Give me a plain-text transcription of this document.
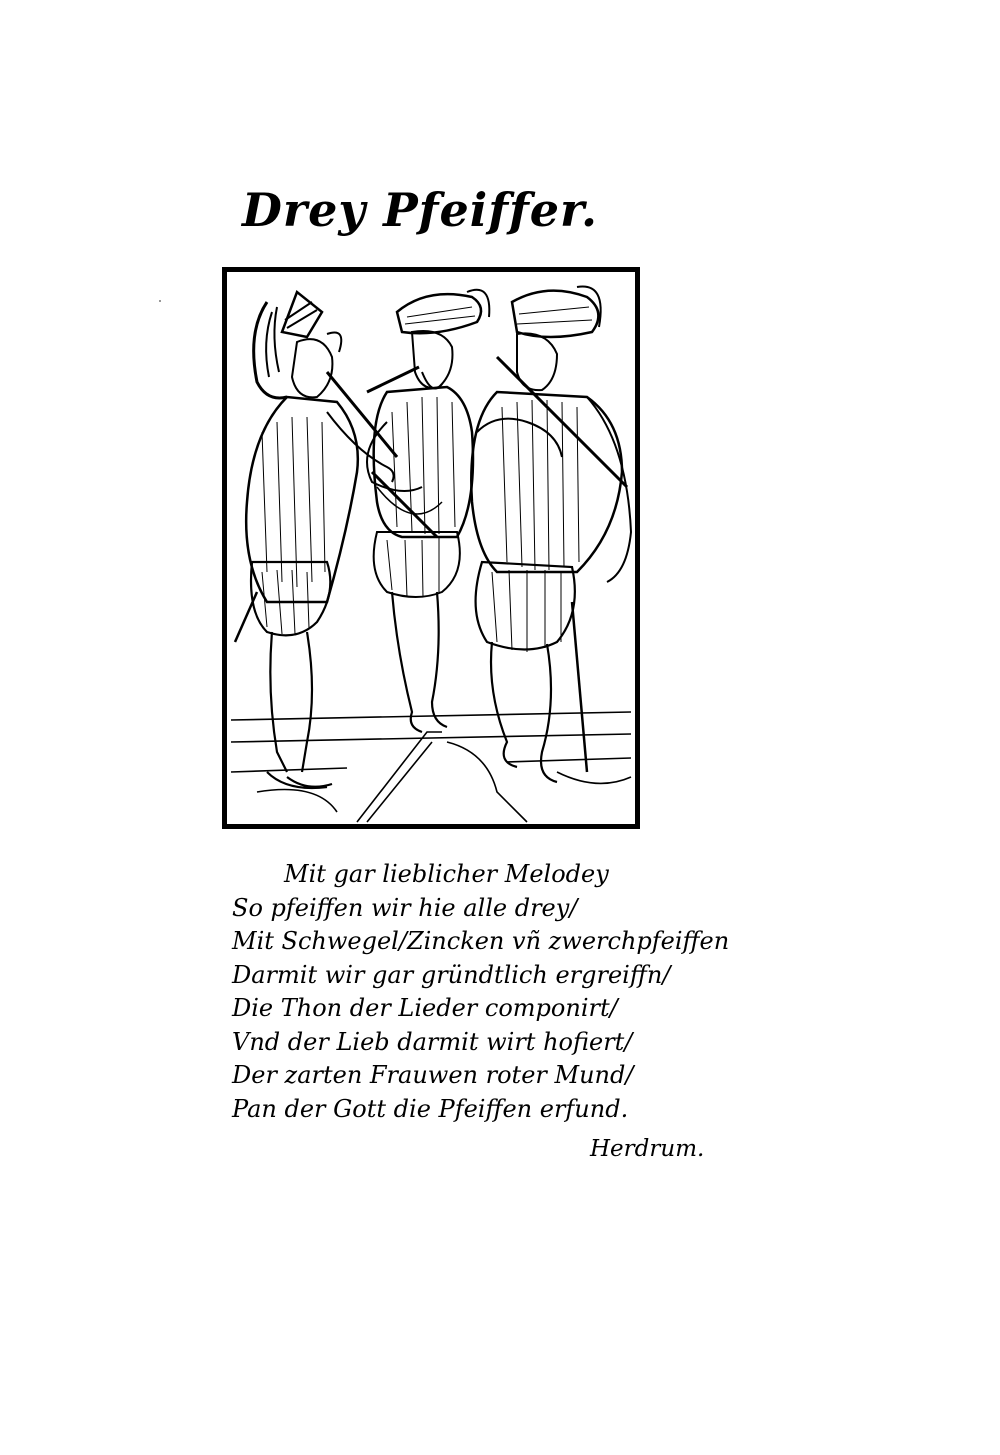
Drey Pfeiffer.
Mit gar lieblicher Melodey
So pfeiffen wir hie alle drey/
Mit Schwegel/Zincken vñ zwerchpfeiffen
Darmit wir gar gründtlich ergreiffn/
Die Thon der Lieder componirt/
Vnd der Lieb darmit wirt hofiert/
Der zarten Frauwen roter Mund/
Pan der Gott die Pfeiffen erfund.
Herdrum.
